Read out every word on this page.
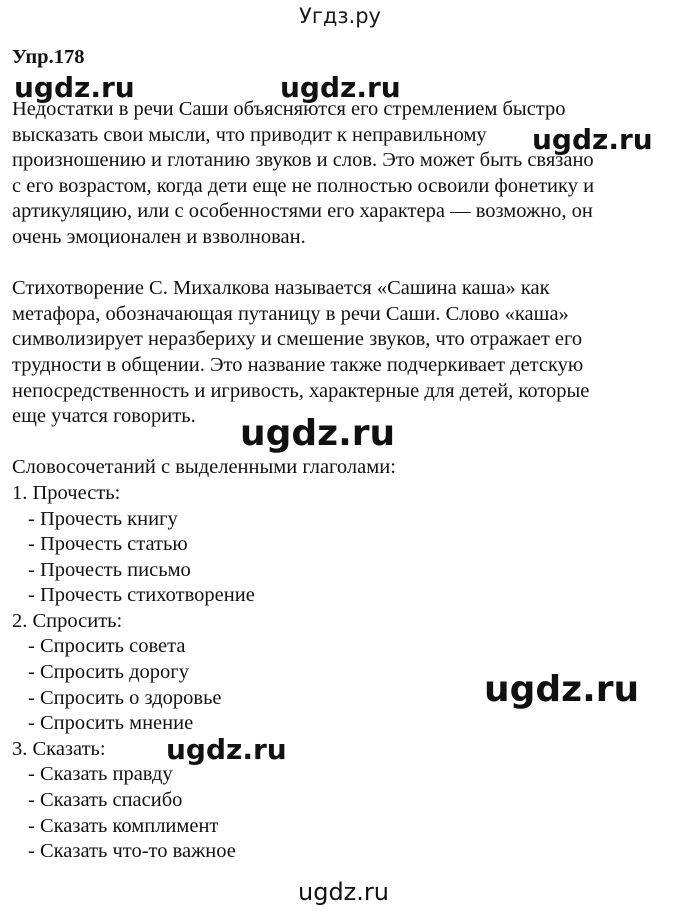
Угдз.ру
Упр.178

Недостатки в речи Саши объясняются его стремлением быстро

высказать свои мысли, что приводит к неправильному

произношению и глотанию звуков и слов. Это может быть связано

с его возрастом, когда дети еще не полностью освоили фонетику и

артикуляцию, или с особенностями его характера — возможно, он

очень эмоционален и взволнован.

Стихотворение С. Михалкова называется «Сашина каша» как

метафора, обозначающая путаницу в речи Саши. Слово «каша»

символизирует неразбериху и смешение звуков, что отражает его

трудности в общении. Это название также подчеркивает детскую

непосредственность и игривость, характерные для детей, которые

еще учатся говорить.

Словосочетаний с выделенными глаголами:

1. Прочесть:

- Прочесть книгу

- Прочесть статью

- Прочесть письмо

- Прочесть стихотворение

2. Спросить:

- Спросить совета

- Спросить дорогу

- Спросить о здоровье

- Спросить мнение

3. Сказать:

- Сказать правду

- Сказать спасибо

- Сказать комплимент

- Сказать что-то важное

ugdz.ru	ugdz.ru
ugdz.ru
ugdz.ru
ugdz.ru
ugdz.ru
ugdz.ru
